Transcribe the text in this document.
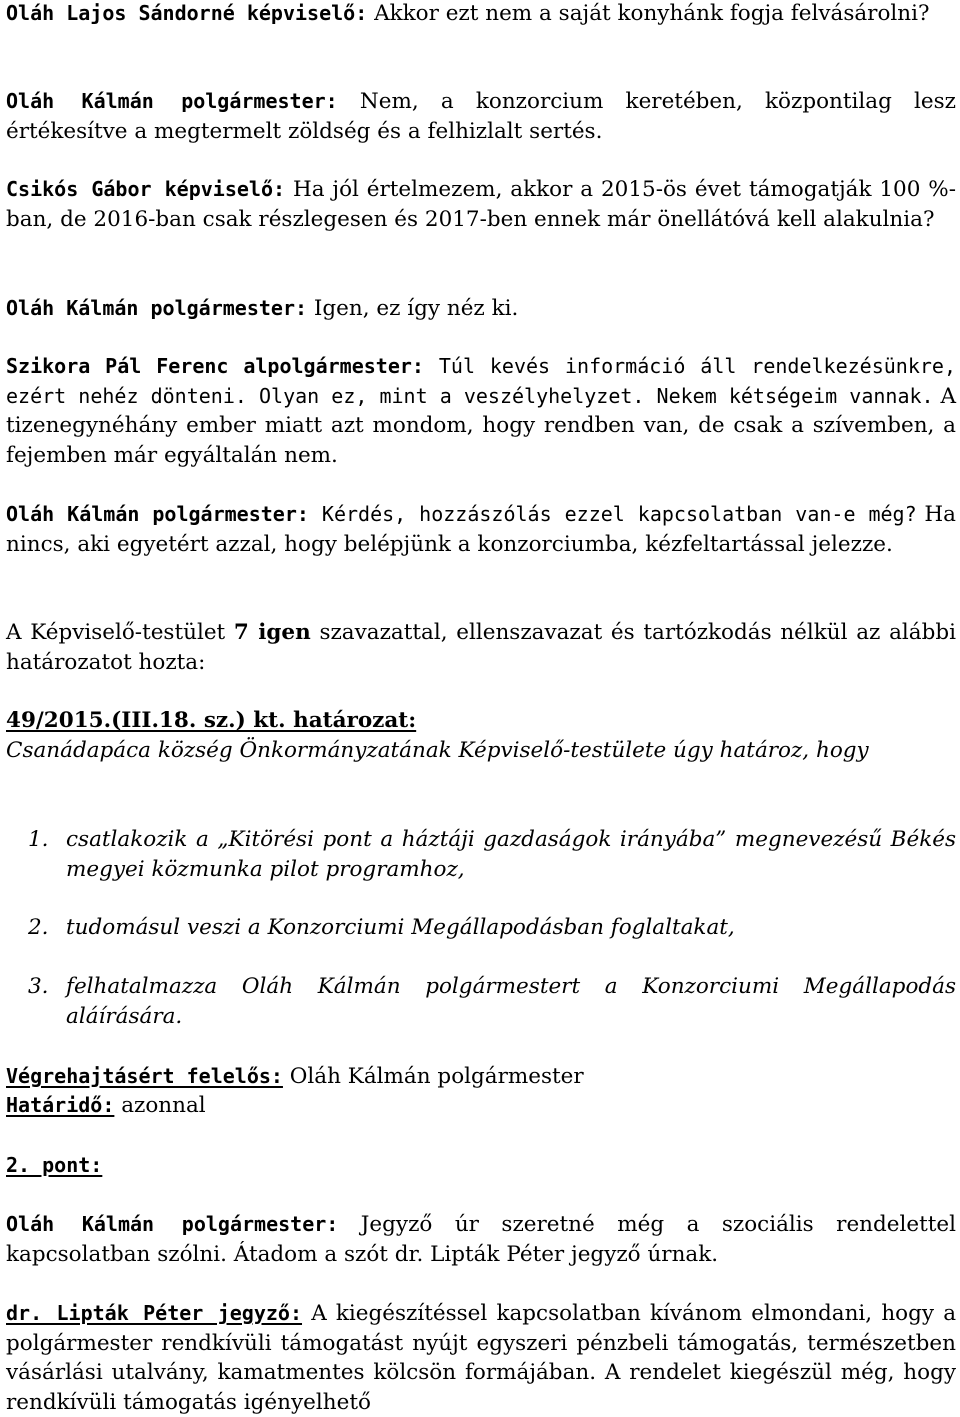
Oláh Lajos Sándorné képviselő: Akkor ezt nem a saját konyhánk fogja felvásárolni?

Oláh Kálmán polgármester: Nem, a konzorcium keretében, központilag lesz értékesítve a megtermelt zöldség és a felhizlalt sertés.

Csikós Gábor képviselő: Ha jól értelmezem, akkor a 2015-ös évet támogatják 100 %-ban, de 2016-ban csak részlegesen és 2017-ben ennek már önellátóvá kell alakulnia?

Oláh Kálmán polgármester: Igen, ez így néz ki.

Szikora Pál Ferenc alpolgármester: Túl kevés információ áll rendelkezésünkre, ezért nehéz dönteni. Olyan ez, mint a veszélyhelyzet. Nekem kétségeim vannak. A tizenegynéhány ember miatt azt mondom, hogy rendben van, de csak a szívemben, a fejemben már egyáltalán nem.

Oláh Kálmán polgármester: Kérdés, hozzászólás ezzel kapcsolatban van-e még? Ha nincs, aki egyetért azzal, hogy belépjünk a konzorciumba, kézfeltartással jelezze.

A Képviselő-testület 7 igen szavazattal, ellenszavazat és tartózkodás nélkül az alábbi határozatot hozta:

49/2015.(III.18. sz.) kt. határozat:

Csanádapáca község Önkormányzatának Képviselő-testülete úgy határoz, hogy

1. csatlakozik a „Kitörési pont a háztáji gazdaságok irányába” megnevezésű Békés megyei közmunka pilot programhoz,
2. tudomásul veszi a Konzorciumi Megállapodásban foglaltakat,
3. felhatalmazza Oláh Kálmán polgármestert a Konzorciumi Megállapodás aláírására.
Végrehajtásért felelős: Oláh Kálmán polgármester
Határidő: azonnal
2. pont:

Oláh Kálmán polgármester: Jegyző úr szeretné még a szociális rendelettel kapcsolatban szólni. Átadom a szót dr. Lipták Péter jegyző úrnak.

dr. Lipták Péter jegyző: A kiegészítéssel kapcsolatban kívánom elmondani, hogy a polgármester rendkívüli támogatást nyújt egyszeri pénzbeli támogatás, természetben vásárlási utalvány, kamatmentes kölcsön formájában. A rendelet kiegészül még, hogy rendkívüli támogatás igényelhető
